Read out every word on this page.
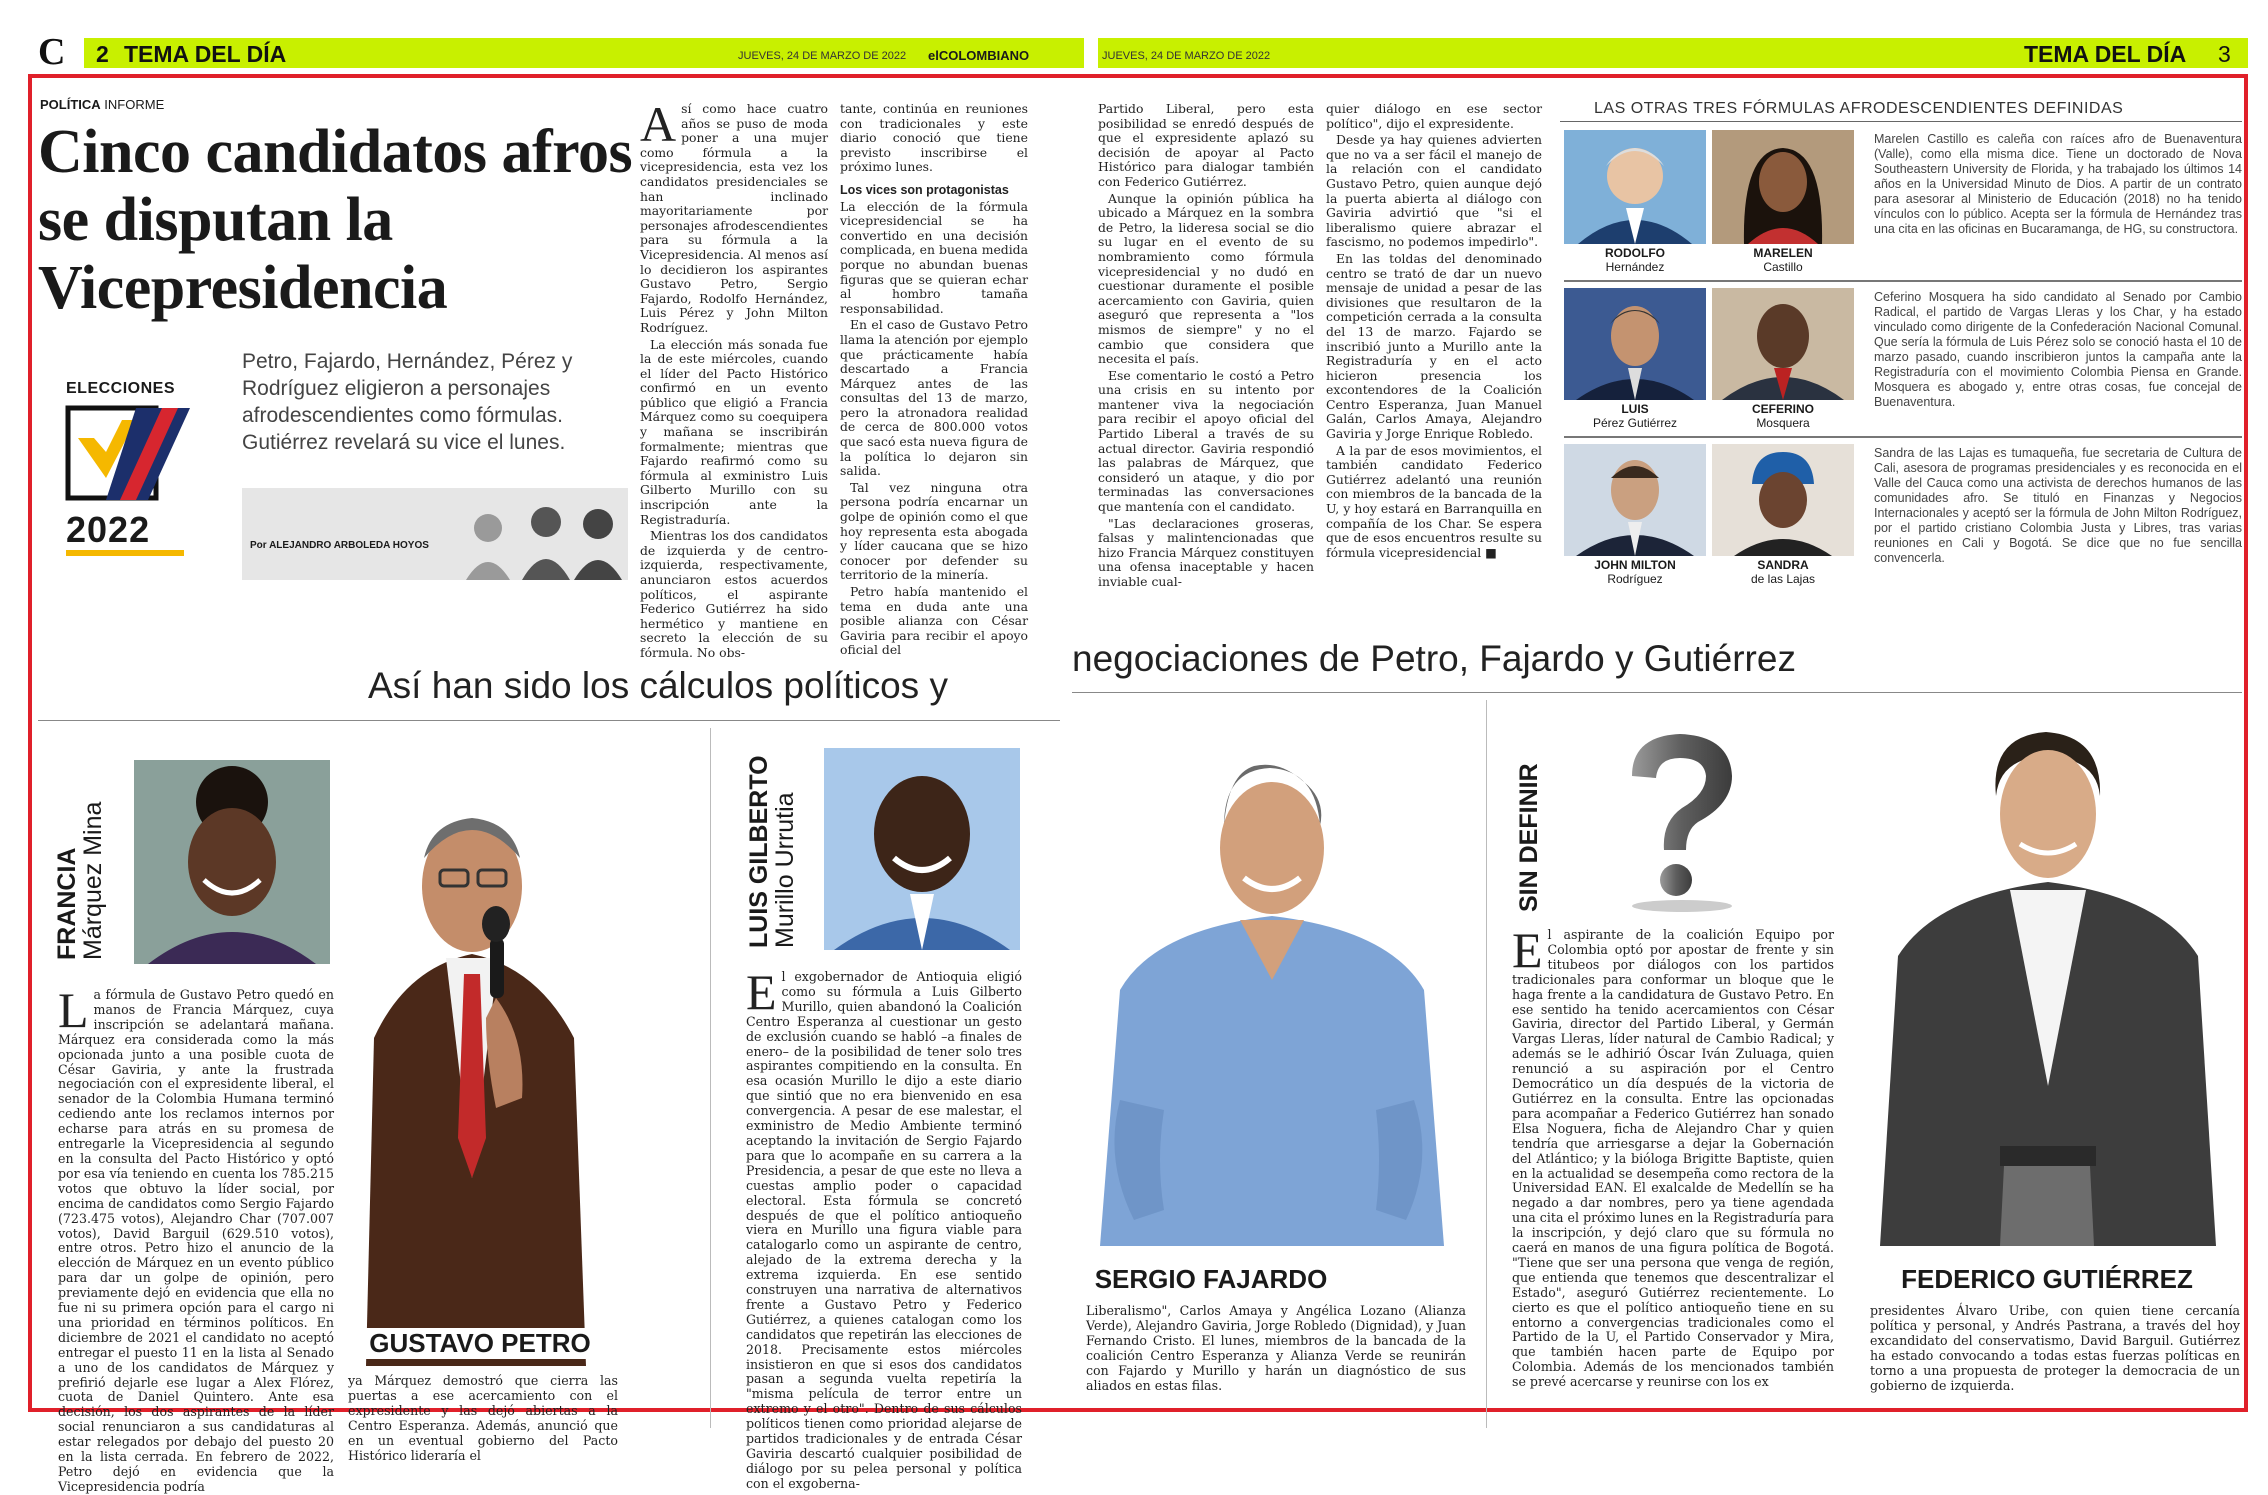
C 2 TEMA DEL DÍA	JUEVES, 24 DE MARZO DE 2022 elCOLOMBIANO	JUEVES, 24 DE MARZO DE 2022	TEMA DEL DÍA 3
POLÍTICA INFORME
Cinco candidatos afros se disputan la Vicepresidencia
Petro, Fajardo, Hernández, Pérez y Rodríguez eligieron a personajes afrodescendientes como fórmulas. Gutiérrez revelará su vice el lunes.
ELECCIONES
2022	Por ALEJANDRO ARBOLEDA HOYOS
A sí como hace cuatro años se puso de moda poner a una mujer como fórmula a la vicepresidencia, esta vez los candidatos presidenciales se han inclinado mayoritariamente por personajes afrodescendientes para su fórmula a la Vicepresidencia. Al menos así lo decidieron los aspirantes Gustavo Petro, Sergio Fajardo, Rodolfo Hernández, Luis Pérez y John Milton Rodríguez.

La elección más sonada fue la de este miércoles, cuando el líder del Pacto Histórico confirmó en un evento público que eligió a Francia Márquez como su coequipera y mañana se inscribirán formalmente; mientras que Fajardo reafirmó como su fórmula al exministro Luis Gilberto Murillo con su inscripción ante la Registraduría.

Mientras los dos candidatos de izquierda y de centro-izquierda, respectivamente, anunciaron estos acuerdos políticos, el aspirante Federico Gutiérrez ha sido hermético y mantiene en secreto la elección de su fórmula. No obs-

tante, continúa en reuniones con tradicionales y este diario conoció que tiene previsto inscribirse el próximo lunes.

Los vices son protagonistas

La elección de la fórmula vicepresidencial se ha convertido en una decisión complicada, en buena medida porque no abundan buenas figuras que se quieran echar al hombro tamaña responsabilidad.

En el caso de Gustavo Petro llama la atención por ejemplo que prácticamente había descartado a Francia Márquez antes de las consultas del 13 de marzo, pero la atronadora realidad de cerca de 800.000 votos que sacó esta nueva figura de la política lo dejaron sin salida.

Tal vez ninguna otra persona podría encarnar un golpe de opinión como el que hoy representa esta abogada y líder caucana que se hizo conocer por defender su territorio de la minería.

Petro había mantenido el tema en duda ante una posible alianza con César Gaviria para recibir el apoyo oficial del

Partido Liberal, pero esta posibilidad se enredó después de que el expresidente aplazó su decisión de apoyar al Pacto Histórico para dialogar también con Federico Gutiérrez.

Aunque la opinión pública ha ubicado a Márquez en la sombra de Petro, la lideresa social se dio su lugar en el evento de su nombramiento como fórmula vicepresidencial y no dudó en cuestionar duramente el posible acercamiento con Gaviria, quien aseguró que representa a "los mismos de siempre" y no el cambio que considera que necesita el país.

Ese comentario le costó a Petro una crisis en su intento por mantener viva la negociación para recibir el apoyo oficial del Partido Liberal a través de su actual director. Gaviria respondió las palabras de Márquez, que consideró un ataque, y dio por terminadas las conversaciones que mantenía con el candidato.

"Las declaraciones groseras, falsas y malintencionadas que hizo Francia Márquez constituyen una ofensa inaceptable y hacen inviable cual-

quier diálogo en ese sector político", dijo el expresidente.

Desde ya hay quienes advierten que no va a ser fácil el manejo de la relación con el candidato Gustavo Petro, quien aunque dejó la puerta abierta al diálogo con Gaviria advirtió que "si el liberalismo quiere abrazar el fascismo, no podemos impedirlo".

En las toldas del denominado centro se trató de dar un nuevo mensaje de unidad a pesar de las divisiones que resultaron de la competición cerrada a la consulta del 13 de marzo. Fajardo se inscribió junto a Murillo ante la Registraduría y en el acto hicieron presencia los excontendores de la Coalición Centro Esperanza, Juan Manuel Galán, Carlos Amaya, Alejandro Gaviria y Jorge Enrique Robledo.

A la par de esos movimientos, el también candidato Federico Gutiérrez adelantó una reunión con miembros de la bancada de la U, y hoy estará en Barranquilla en compañía de los Char. Se espera que de esos encuentros resulte su fórmula vicepresidencial ■

LAS OTRAS TRES FÓRMULAS AFRODESCENDIENTES DEFINIDAS
RODOLFO
Hernández
MARELEN
Castillo
Marelen Castillo es caleña con raíces afro de Buenaventura (Valle), como ella misma dice. Tiene un doctorado de Nova Southeastern University de Florida, y ha trabajado los últimos 14 años en la Universidad Minuto de Dios. A partir de un contrato para asesorar al Ministerio de Educación (2018) no ha tenido vínculos con lo público. Acepta ser la fórmula de Hernández tras una cita en las oficinas en Bucaramanga, de HG, su constructora.
LUIS
Pérez Gutiérrez
CEFERINO
Mosquera
Ceferino Mosquera ha sido candidato al Senado por Cambio Radical, el partido de Vargas Lleras y los Char, y ha estado vinculado como dirigente de la Confederación Nacional Comunal. Que sería la fórmula de Luis Pérez solo se conoció hasta el 10 de marzo pasado, cuando inscribieron juntos la campaña ante la Registraduría con el movimiento Colombia Piensa en Grande. Mosquera es abogado y, entre otras cosas, fue concejal de Buenaventura.
JOHN MILTON
Rodríguez
SANDRA
de las Lajas
Sandra de las Lajas es tumaqueña, fue secretaria de Cultura de Cali, asesora de programas presidenciales y es reconocida en el Valle del Cauca como una activista de derechos humanos de las comunidades afro. Se tituló en Finanzas y Negocios Internacionales y aceptó ser la fórmula de John Milton Rodríguez, por el partido cristiano Colombia Justa y Libres, tras varias reuniones en Cali y Bogotá. Se dice que no fue sencilla convencerla.
Así han sido los cálculos políticos y
negociaciones de Petro, Fajardo y Gutiérrez
FRANCIA
Márquez Mina
GUSTAVO PETRO
L a fórmula de Gustavo Petro quedó en manos de Francia Márquez, cuya inscripción se adelantará mañana. Márquez era considerada como la más opcionada junto a una posible cuota de César Gaviria, y ante la frustrada negociación con el expresidente liberal, el senador de la Colombia Humana terminó cediendo ante los reclamos internos por echarse para atrás en su promesa de entregarle la Vicepresidencia al segundo en la consulta del Pacto Histórico y optó por esa vía teniendo en cuenta los 785.215 votos que obtuvo la líder social, por encima de candidatos como Sergio Fajardo (723.475 votos), Alejandro Char (707.007 votos), David Barguil (629.510 votos), entre otros. Petro hizo el anuncio de la elección de Márquez en un evento público para dar un golpe de opinión, pero previamente dejó en evidencia que ella no fue ni su primera opción para el cargo ni una prioridad en términos políticos. En diciembre de 2021 el candidato no aceptó entregar el puesto 11 en la lista al Senado a uno de los candidatos de Márquez y prefirió dejarle ese lugar a Alex Flórez, cuota de Daniel Quintero. Ante esa decisión, los dos aspirantes de la líder social renunciaron a sus candidaturas al estar relegados por debajo del puesto 20 en la lista cerrada. En febrero de 2022, Petro dejó en evidencia que la Vicepresidencia podría

ya Márquez demostró que cierra las puertas a ese acercamiento con el expresidente y las dejó abiertas a la Centro Esperanza. Además, anunció que en un eventual gobierno del Pacto Histórico lideraría el
LUIS GILBERTO
Murillo Urrutia
E l exgobernador de Antioquia eligió como su fórmula a Luis Gilberto Murillo, quien abandonó la Coalición Centro Esperanza al cuestionar un gesto de exclusión cuando se habló –a finales de enero– de la posibilidad de tener solo tres aspirantes compitiendo en la consulta. En esa ocasión Murillo le dijo a este diario que sintió que no era bienvenido en esa convergencia. A pesar de ese malestar, el exministro de Medio Ambiente terminó aceptando la invitación de Sergio Fajardo para que lo acompañe en su carrera a la Presidencia, a pesar de que este no lleva a cuestas amplio poder o capacidad electoral. Esta fórmula se concretó después de que el político antioqueño viera en Murillo una figura viable para catalogarlo como un aspirante de centro, alejado de la extrema derecha y la extrema izquierda. En ese sentido construyen una narrativa de alternativos frente a Gustavo Petro y Federico Gutiérrez, a quienes catalogan como los candidatos que repetirán las elecciones de 2018. Precisamente estos miércoles insistieron en que si esos dos candidatos pasan a segunda vuelta repetiría la "misma película de terror entre un extremo y el otro". Dentro de sus cálculos políticos tienen como prioridad alejarse de partidos tradicionales y de entrada César Gaviria descartó cualquier posibilidad de diálogo por su pelea personal y política con el exgoberna-

SERGIO FAJARDO
Liberalismo", Carlos Amaya y Angélica Lozano (Alianza Verde), Alejandro Gaviria, Jorge Robledo (Dignidad), y Juan Fernando Cristo. El lunes, miembros de la bancada de la coalición Centro Esperanza y Alianza Verde se reunirán con Fajardo y Murillo y harán un diagnóstico de sus aliados en estas filas.
SIN DEFINIR
E l aspirante de la coalición Equipo por Colombia optó por apostar de frente y sin titubeos por diálogos con los partidos tradicionales para conformar un bloque que le haga frente a la candidatura de Gustavo Petro. En ese sentido ha tenido acercamientos con César Gaviria, director del Partido Liberal, y Germán Vargas Lleras, líder natural de Cambio Radical; y además se le adhirió Óscar Iván Zuluaga, quien renunció a su aspiración por el Centro Democrático un día después de la victoria de Gutiérrez en la consulta. Entre las opcionadas para acompañar a Federico Gutiérrez han sonado Elsa Noguera, ficha de Alejandro Char y quien tendría que arriesgarse a dejar la Gobernación del Atlántico; y la bióloga Brigitte Baptiste, quien en la actualidad se desempeña como rectora de la Universidad EAN. El exalcalde de Medellín se ha negado a dar nombres, pero ya tiene agendada una cita el próximo lunes en la Registraduría para la inscripción, y dejó claro que su fórmula no caerá en manos de una figura política de Bogotá. "Tiene que ser una persona que venga de región, que entienda que tenemos que descentralizar el Estado", aseguró Gutiérrez recientemente. Lo cierto es que el político antioqueño tiene en su entorno a convergencias tradicionales como el Partido de la U, el Partido Conservador y Mira, que también hacen parte de Equipo por Colombia. Además de los mencionados también se prevé acercarse y reunirse con los ex

FEDERICO GUTIÉRREZ
presidentes Álvaro Uribe, con quien tiene cercanía política y personal, y Andrés Pastrana, a través del hoy excandidato del conservatismo, David Barguil. Gutiérrez ha estado convocando a todas estas fuerzas políticas en torno a una propuesta de proteger la democracia de un gobierno de izquierda.
